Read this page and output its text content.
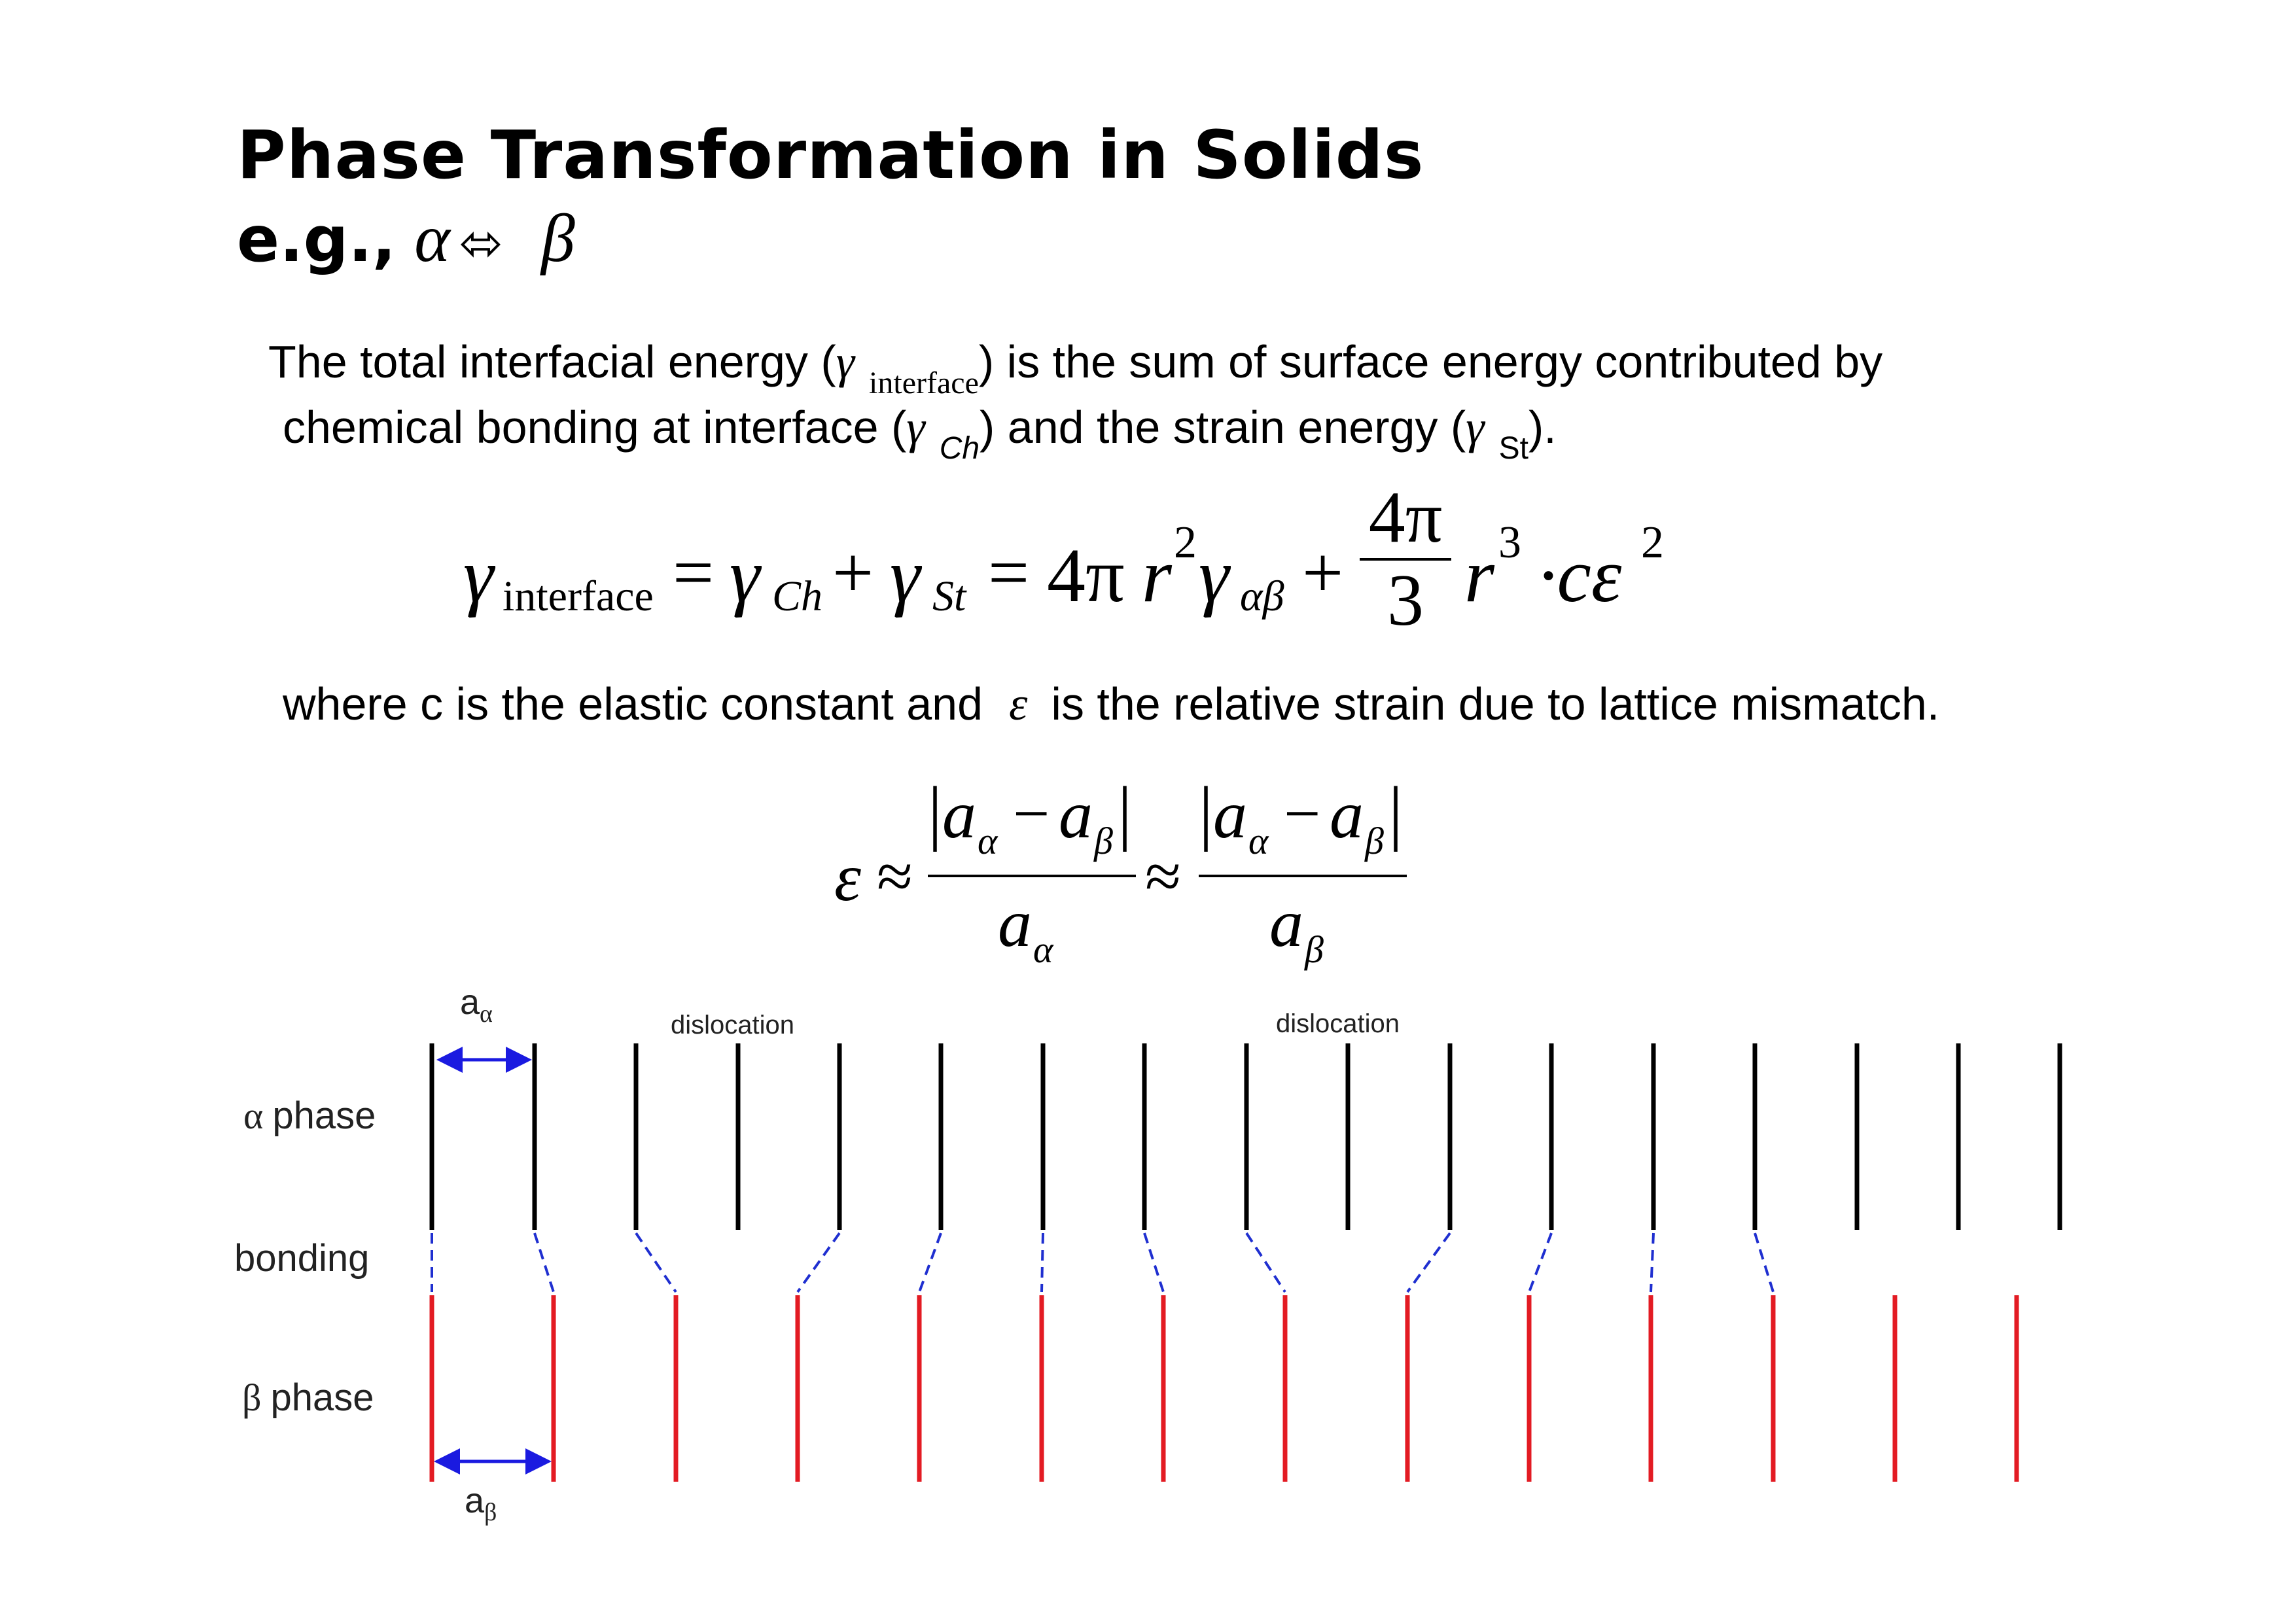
Phase Transformation in Solids
e.g., α ⬄ β
The total interfacial energy (γ $_{interface}$) is the sum of surface energy contributed by
chemical bonding at interface (γ $_{Ch}$) and the strain energy (γ $_{St}$).
γ interface = γ Ch + γ St = 4π r 2 γ αβ +
4π
3 r 3 ·cε 2
where c is the elastic constant and ε is the relative strain due to lattice mismatch.
ε ≈
| a α − a β |
a α
≈
| a α − a β |
a β
α phase
bonding
β phase
dislocation	dislocation
$a_\alpha$
$a_\beta$
